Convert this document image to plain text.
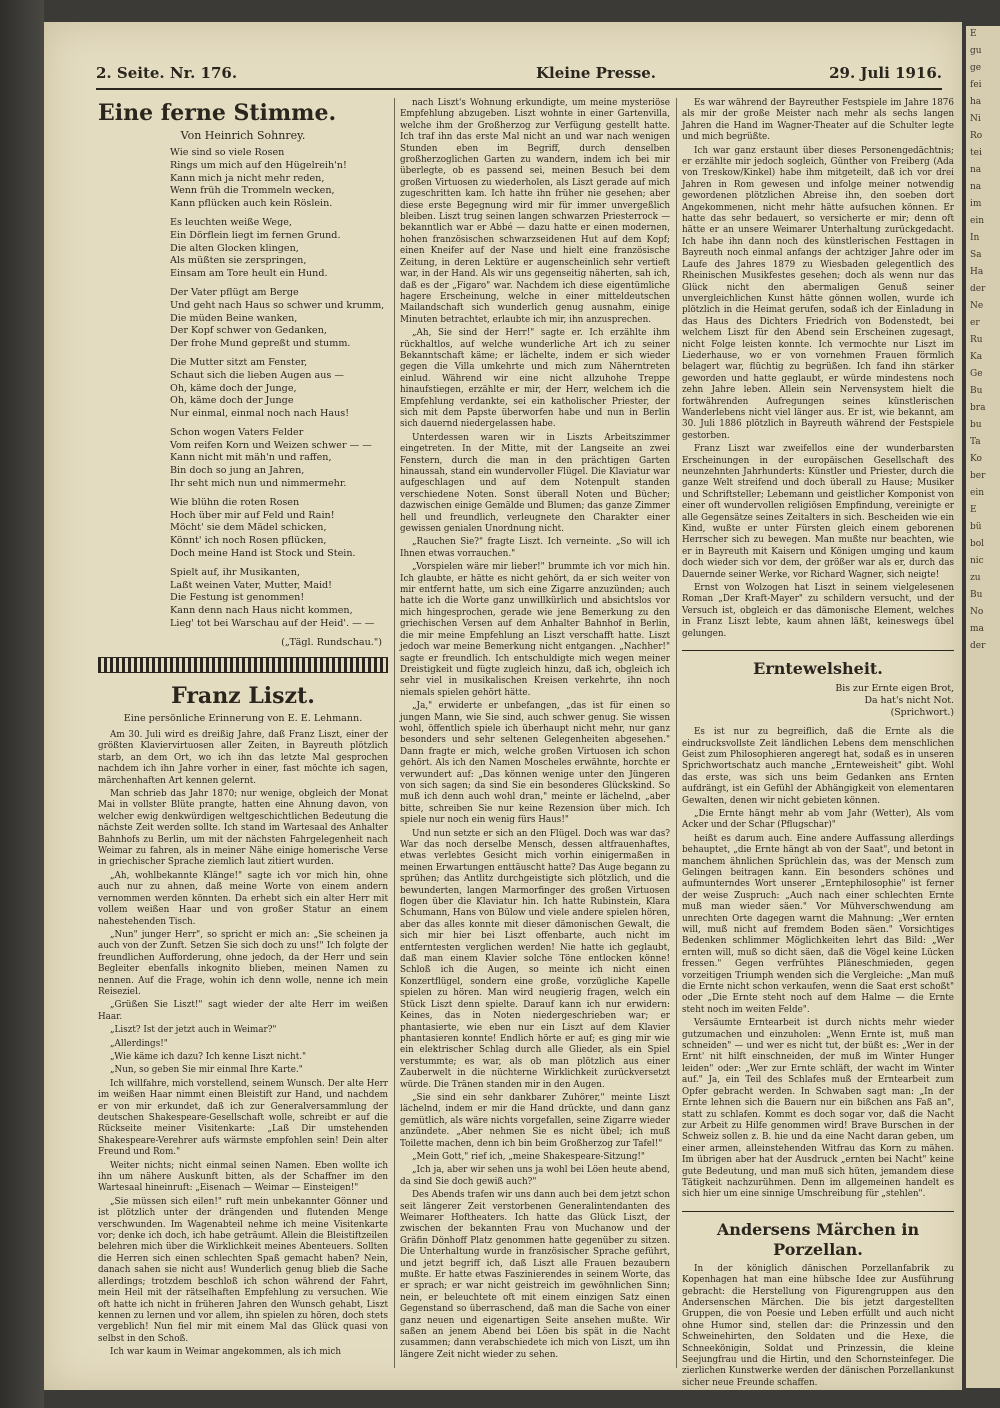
2. Seite. Nr. 176.	Kleine Presse.	29. Juli 1916.
Eine ferne Stimme.
Von Heinrich Sohnrey.
Wie sind so viele Rosen
Rings um mich auf den Hügelreih'n!
Kann mich ja nicht mehr reden,
Wenn früh die Trommeln wecken,
Kann pflücken auch kein Röslein.
Es leuchten weiße Wege,
Ein Dörflein liegt im fernen Grund.
Die alten Glocken klingen,
Als müßten sie zerspringen,
Einsam am Tore heult ein Hund.
Der Vater pflügt am Berge
Und geht nach Haus so schwer und krumm,
Die müden Beine wanken,
Der Kopf schwer von Gedanken,
Der frohe Mund gepreßt und stumm.
Die Mutter sitzt am Fenster,
Schaut sich die lieben Augen aus —
Oh, käme doch der Junge,
Oh, käme doch der Junge
Nur einmal, einmal noch nach Haus!
Schon wogen Vaters Felder
Vom reifen Korn und Weizen schwer — —
Kann nicht mit mäh'n und raffen,
Bin doch so jung an Jahren,
Ihr seht mich nun und nimmermehr.
Wie blühn die roten Rosen
Hoch über mir auf Feld und Rain!
Möcht' sie dem Mädel schicken,
Könnt' ich noch Rosen pflücken,
Doch meine Hand ist Stock und Stein.
Spielt auf, ihr Musikanten,
Laßt weinen Vater, Mutter, Maid!
Die Festung ist genommen!
Kann denn nach Haus nicht kommen,
Lieg' tot bei Warschau auf der Heid'. — —
(„Tägl. Rundschau.")
Franz Liszt.
Eine persönliche Erinnerung von E. E. Lehmann.

Am 30. Juli wird es dreißig Jahre, daß Franz Liszt, einer der größten Klaviervirtuosen aller Zeiten, in Bayreuth plötzlich starb, an dem Ort, wo ich ihn das letzte Mal gesprochen nachdem ich ihn Jahre vorher in einer, fast möchte ich sagen, märchenhaften Art kennen gelernt.

Man schrieb das Jahr 1870; nur wenige, obgleich der Monat Mai in vollster Blüte prangte, hatten eine Ahnung davon, von welcher ewig denkwürdigen weltgeschichtlichen Bedeutung die nächste Zeit werden sollte. Ich stand im Wartesaal des Anhalter Bahnhofs zu Berlin, um mit der nächsten Fahrgelegenheit nach Weimar zu fahren, als in meiner Nähe einige homerische Verse in griechischer Sprache ziemlich laut zitiert wurden.

„Ah, wohlbekannte Klänge!" sagte ich vor mich hin, ohne auch nur zu ahnen, daß meine Worte von einem andern vernommen werden könnten. Da erhebt sich ein alter Herr mit vollem weißen Haar und von großer Statur an einem nahestehenden Tisch.

„Nun" junger Herr", so spricht er mich an: „Sie scheinen ja auch von der Zunft. Setzen Sie sich doch zu uns!" Ich folgte der freundlichen Aufforderung, ohne jedoch, da der Herr und sein Begleiter ebenfalls inkognito blieben, meinen Namen zu nennen. Auf die Frage, wohin ich denn wolle, nenne ich mein Reiseziel.

„Grüßen Sie Liszt!" sagt wieder der alte Herr im weißen Haar.

„Liszt? Ist der jetzt auch in Weimar?"

„Allerdings!"

„Wie käme ich dazu? Ich kenne Liszt nicht."

„Nun, so geben Sie mir einmal Ihre Karte."

Ich willfahre, mich vorstellend, seinem Wunsch. Der alte Herr im weißen Haar nimmt einen Bleistift zur Hand, und nachdem er von mir erkundet, daß ich zur Generalversammlung der deutschen Shakespeare-Gesellschaft wolle, schreibt er auf die Rückseite meiner Visitenkarte: „Laß Dir umstehenden Shakespeare-Verehrer aufs wärmste empfohlen sein! Dein alter Freund und Rom."

Weiter nichts; nicht einmal seinen Namen. Eben wollte ich ihn um nähere Auskunft bitten, als der Schaffner im den Wartesaal hineinruft: „Eisenach — Weimar — Einsteigen!"

„Sie müssen sich eilen!" ruft mein unbekannter Gönner und ist plötzlich unter der drängenden und flutenden Menge verschwunden. Im Wagenabteil nehme ich meine Visitenkarte vor; denke ich doch, ich habe geträumt. Allein die Bleistiftzeilen belehren mich über die Wirklichkeit meines Abenteuers. Sollten die Herren sich einen schlechten Spaß gemacht haben? Nein, danach sahen sie nicht aus! Wunderlich genug blieb die Sache allerdings; trotzdem beschloß ich schon während der Fahrt, mein Heil mit der rätselhaften Empfehlung zu versuchen. Wie oft hatte ich nicht in früheren Jahren den Wunsch gehabt, Liszt kennen zu lernen und vor allem, ihn spielen zu hören, doch stets vergeblich! Nun fiel mir mit einem Mal das Glück quasi von selbst in den Schoß.

Ich war kaum in Weimar angekommen, als ich mich

nach Liszt's Wohnung erkundigte, um meine mysteriöse Empfehlung abzugeben. Liszt wohnte in einer Gartenvilla, welche ihm der Großherzog zur Verfügung gestellt hatte. Ich traf ihn das erste Mal nicht an und war nach wenigen Stunden eben im Begriff, durch denselben großherzoglichen Garten zu wandern, indem ich bei mir überlegte, ob es passend sei, meinen Besuch bei dem großen Virtuosen zu wiederholen, als Liszt gerade auf mich zugeschritten kam. Ich hatte ihn früher nie gesehen; aber diese erste Begegnung wird mir für immer unvergeßlich bleiben. Liszt trug seinen langen schwarzen Priesterrock — bekanntlich war er Abbé — dazu hatte er einen modernen, hohen französischen schwarzseidenen Hut auf dem Kopf; einen Kneifer auf der Nase und hielt eine französische Zeitung, in deren Lektüre er augenscheinlich sehr vertieft war, in der Hand. Als wir uns gegenseitig näherten, sah ich, daß es der „Figaro" war. Nachdem ich diese eigentümliche hagere Erscheinung, welche in einer mitteldeutschen Mailandschaft sich wunderlich genug ausnahm, einige Minuten betrachtet, erlaubte ich mir, ihn anzusprechen.

„Ah, Sie sind der Herr!" sagte er. Ich erzählte ihm rückhaltlos, auf welche wunderliche Art ich zu seiner Bekanntschaft käme; er lächelte, indem er sich wieder gegen die Villa umkehrte und mich zum Näherntreten einlud. Während wir eine nicht allzuhohe Treppe hinaufstiegen, erzählte er mir, der Herr, welchem ich die Empfehlung verdankte, sei ein katholischer Priester, der sich mit dem Papste überworfen habe und nun in Berlin sich dauernd niedergelassen habe.

Unterdessen waren wir in Liszts Arbeitszimmer eingetreten. In der Mitte, mit der Langseite an zwei Fenstern, durch die man in den prächtigen Garten hinaussah, stand ein wundervoller Flügel. Die Klaviatur war aufgeschlagen und auf dem Notenpult standen verschiedene Noten. Sonst überall Noten und Bücher; dazwischen einige Gemälde und Blumen; das ganze Zimmer hell und freundlich, verleugnete den Charakter einer gewissen genialen Unordnung nicht.

„Rauchen Sie?" fragte Liszt. Ich verneinte. „So will ich Ihnen etwas vorrauchen."

„Vorspielen wäre mir lieber!" brummte ich vor mich hin. Ich glaubte, er hätte es nicht gehört, da er sich weiter von mir entfernt hatte, um sich eine Zigarre anzuzünden; auch hatte ich die Worte ganz unwillkürlich und absichtslos vor mich hingesprochen, gerade wie jene Bemerkung zu den griechischen Versen auf dem Anhalter Bahnhof in Berlin, die mir meine Empfehlung an Liszt verschafft hatte. Liszt jedoch war meine Bemerkung nicht entgangen. „Nachher!" sagte er freundlich. Ich entschuldigte mich wegen meiner Dreistigkeit und fügte zugleich hinzu, daß ich, obgleich ich sehr viel in musikalischen Kreisen verkehrte, ihn noch niemals spielen gehört hätte.

„Ja," erwiderte er unbefangen, „das ist für einen so jungen Mann, wie Sie sind, auch schwer genug. Sie wissen wohl, öffentlich spiele ich überhaupt nicht mehr, nur ganz besonders und sehr seltenen Gelegenheiten abgesehen." Dann fragte er mich, welche großen Virtuosen ich schon gehört. Als ich den Namen Moscheles erwähnte, horchte er verwundert auf: „Das können wenige unter den Jüngeren von sich sagen; da sind Sie ein besonderes Glückskind. So muß ich denn auch wohl dran," meinte er lächelnd, „aber bitte, schreiben Sie nur keine Rezension über mich. Ich spiele nur noch ein wenig fürs Haus!"

Und nun setzte er sich an den Flügel. Doch was war das? War das noch derselbe Mensch, dessen altfrauenhaftes, etwas verlebtes Gesicht mich vorhin einigermaßen in meinen Erwartungen enttäuscht hatte? Das Auge begann zu sprühen; das Antlitz durchgeistigte sich plötzlich, und die bewunderten, langen Marmorfinger des großen Virtuosen flogen über die Klaviatur hin. Ich hatte Rubinstein, Klara Schumann, Hans von Bülow und viele andere spielen hören, aber das alles konnte mit dieser dämonischen Gewalt, die sich mir hier bei Liszt offenbarte, auch nicht im entferntesten verglichen werden! Nie hatte ich geglaubt, daß man einem Klavier solche Töne entlocken könne! Schloß ich die Augen, so meinte ich nicht einen Konzertflügel, sondern eine große, vorzügliche Kapelle spielen zu hören. Man wird neugierig fragen, welch ein Stück Liszt denn spielte. Darauf kann ich nur erwidern: Keines, das in Noten niedergeschrieben war; er phantasierte, wie eben nur ein Liszt auf dem Klavier phantasieren konnte! Endlich hörte er auf; es ging mir wie ein elektrischer Schlag durch alle Glieder, als ein Spiel verstummte; es war, als ob man plötzlich aus einer Zauberwelt in die nüchterne Wirklichkeit zurückversetzt würde. Die Tränen standen mir in den Augen.

„Sie sind ein sehr dankbarer Zuhörer," meinte Liszt lächelnd, indem er mir die Hand drückte, und dann ganz gemütlich, als wäre nichts vorgefallen, seine Zigarre wieder anzündete. „Aber nehmen Sie es nicht übel; ich muß Toilette machen, denn ich bin beim Großherzog zur Tafel!"

„Mein Gott," rief ich, „meine Shakespeare-Sitzung!"

„Ich ja, aber wir sehen uns ja wohl bei Löen heute abend, da sind Sie doch gewiß auch?"

Des Abends trafen wir uns dann auch bei dem jetzt schon seit längerer Zeit verstorbenen Generalintendanten des Weimarer Hoftheaters. Ich hatte das Glück Liszt, der zwischen der bekannten Frau von Muchanow und der Gräfin Dönhoff Platz genommen hatte gegenüber zu sitzen. Die Unterhaltung wurde in französischer Sprache geführt, und jetzt begriff ich, daß Liszt alle Frauen bezaubern mußte. Er hatte etwas Faszinierendes in seinem Worte, das er sprach; er war nicht geistreich im gewöhnlichen Sinn; nein, er beleuchtete oft mit einem einzigen Satz einen Gegenstand so überraschend, daß man die Sache von einer ganz neuen und eigenartigen Seite ansehen mußte. Wir saßen an jenem Abend bei Löen bis spät in die Nacht zusammen; dann verabschiedete ich mich von Liszt, um ihn längere Zeit nicht wieder zu sehen.

Es war während der Bayreuther Festspiele im Jahre 1876 als mir der große Meister nach mehr als sechs langen Jahren die Hand im Wagner-Theater auf die Schulter legte und mich begrüßte.

Ich war ganz erstaunt über dieses Personengedächtnis; er erzählte mir jedoch sogleich, Günther von Freiberg (Ada von Treskow/Kinkel) habe ihm mitgeteilt, daß ich vor drei Jahren in Rom gewesen und infolge meiner notwendig gewordenen plötzlichen Abreise ihn, den soeben dort Angekommenen, nicht mehr hätte aufsuchen können. Er hatte das sehr bedauert, so versicherte er mir; denn oft hätte er an unsere Weimarer Unterhaltung zurückgedacht. Ich habe ihn dann noch des künstlerischen Festtagen in Bayreuth noch einmal anfangs der achtziger Jahre oder im Laufe des Jahres 1879 zu Wiesbaden gelegentlich des Rheinischen Musikfestes gesehen; doch als wenn nur das Glück nicht den abermaligen Genuß seiner unvergleichlichen Kunst hätte gönnen wollen, wurde ich plötzlich in die Heimat gerufen, sodaß ich der Einladung in das Haus des Dichters Friedrich von Bodenstedt, bei welchem Liszt für den Abend sein Erscheinen zugesagt, nicht Folge leisten konnte. Ich vermochte nur Liszt im Liederhause, wo er von vornehmen Frauen förmlich belagert war, flüchtig zu begrüßen. Ich fand ihn stärker geworden und hatte geglaubt, er würde mindestens noch zehn Jahre leben. Allein sein Nervensystem hielt die fortwährenden Aufregungen seines künstlerischen Wanderlebens nicht viel länger aus. Er ist, wie bekannt, am 30. Juli 1886 plötzlich in Bayreuth während der Festspiele gestorben.

Franz Liszt war zweifellos eine der wunderbarsten Erscheinungen in der europäischen Gesellschaft des neunzehnten Jahrhunderts: Künstler und Priester, durch die ganze Welt streifend und doch überall zu Hause; Musiker und Schriftsteller; Lebemann und geistlicher Komponist von einer oft wundervollen religiösen Empfindung, vereinigte er alle Gegensätze seines Zeitalters in sich. Bescheiden wie ein Kind, wußte er unter Fürsten gleich einem geborenen Herrscher sich zu bewegen. Man mußte nur beachten, wie er in Bayreuth mit Kaisern und Königen umging und kaum doch wieder sich vor dem, der größer war als er, durch das Dauernde seiner Werke, vor Richard Wagner, sich neigte!

Ernst von Wolzogen hat Liszt in seinem vielgelesenen Roman „Der Kraft-Mayer" zu schildern versucht, und der Versuch ist, obgleich er das dämonische Element, welches in Franz Liszt lebte, kaum ahnen läßt, keineswegs übel gelungen.

Erntewelsheit.
Bis zur Ernte eigen Brot,
Da hat's nicht Not.
(Sprichwort.)

Es ist nur zu begreiflich, daß die Ernte als die eindrucksvollste Zeit ländlichen Lebens dem menschlichen Geist zum Philosophieren angeregt hat, sodaß es in unseren Sprichwortschatz auch manche „Ernteweisheit" gibt. Wohl das erste, was sich uns beim Gedanken ans Ernten aufdrängt, ist ein Gefühl der Abhängigkeit von elementaren Gewalten, denen wir nicht gebieten können.

„Die Ernte hängt mehr ab vom Jahr (Wetter), Als vom Acker und der Schar (Pflugschar)"

heißt es darum auch. Eine andere Auffassung allerdings behauptet, „die Ernte hängt ab von der Saat", und betont in manchem ähnlichen Sprüchlein das, was der Mensch zum Gelingen beitragen kann. Ein besonders schönes und aufmunterndes Wort unserer „Erntephilosophie" ist ferner der weise Zuspruch: „Auch nach einer schlechten Ernte muß man wieder säen." Vor Mühverschwendung am unrechten Orte dagegen warnt die Mahnung: „Wer ernten will, muß nicht auf fremdem Boden säen." Vorsichtiges Bedenken schlimmer Möglichkeiten lehrt das Bild: „Wer ernten will, muß so dicht säen, daß die Vögel keine Lücken fressen." Gegen verfrühtes Pläneschmieden, gegen vorzeitigen Triumph wenden sich die Vergleiche: „Man muß die Ernte nicht schon verkaufen, wenn die Saat erst schoßt" oder „Die Ernte steht noch auf dem Halme — die Ernte steht noch im weiten Felde".

Versäumte Erntearbeit ist durch nichts mehr wieder gutzumachen und einzuholen: „Wenn Ernte ist, muß man schneiden" — und wer es nicht tut, der büßt es: „Wer in der Ernt' nit hilft einschneiden, der muß im Winter Hunger leiden" oder: „Wer zur Ernte schläft, der wacht im Winter auf." Ja, ein Teil des Schlafes muß der Erntearbeit zum Opfer gebracht werden. In Schwaben sagt man: „In der Ernte lehnen sich die Bauern nur ein bißchen ans Faß an", statt zu schlafen. Kommt es doch sogar vor, daß die Nacht zur Arbeit zu Hilfe genommen wird! Brave Burschen in der Schweiz sollen z. B. hie und da eine Nacht daran geben, um einer armen, alleinstehenden Witfrau das Korn zu mähen. Im übrigen aber hat der Ausdruck „ernten bei Nacht" keine gute Bedeutung, und man muß sich hüten, jemandem diese Tätigkeit nachzurühmen. Denn im allgemeinen handelt es sich hier um eine sinnige Umschreibung für „stehlen".

Andersens Märchen in Porzellan.

In der königlich dänischen Porzellanfabrik zu Kopenhagen hat man eine hübsche Idee zur Ausführung gebracht: die Herstellung von Figurengruppen aus den Andersenschen Märchen. Die bis jetzt dargestellten Gruppen, die von Poesie und Leben erfüllt und auch nicht ohne Humor sind, stellen dar: die Prinzessin und den Schweinehirten, den Soldaten und die Hexe, die Schneekönigin, Soldat und Prinzessin, die kleine Seejungfrau und die Hirtin, und den Schornsteinfeger. Die zierlichen Kunstwerke werden der dänischen Porzellankunst sicher neue Freunde schaffen.

E
gu
ge
fei
ha
Ni
Ro
tei
na
na
im
ein
In
Sa
Ha
der
Ne
er
Ru
Ka
Ge
Bu
bra
bu
Ta
Ko
ber
ein
E
bü
bol
nic
zu
Bu
No
ma
der
